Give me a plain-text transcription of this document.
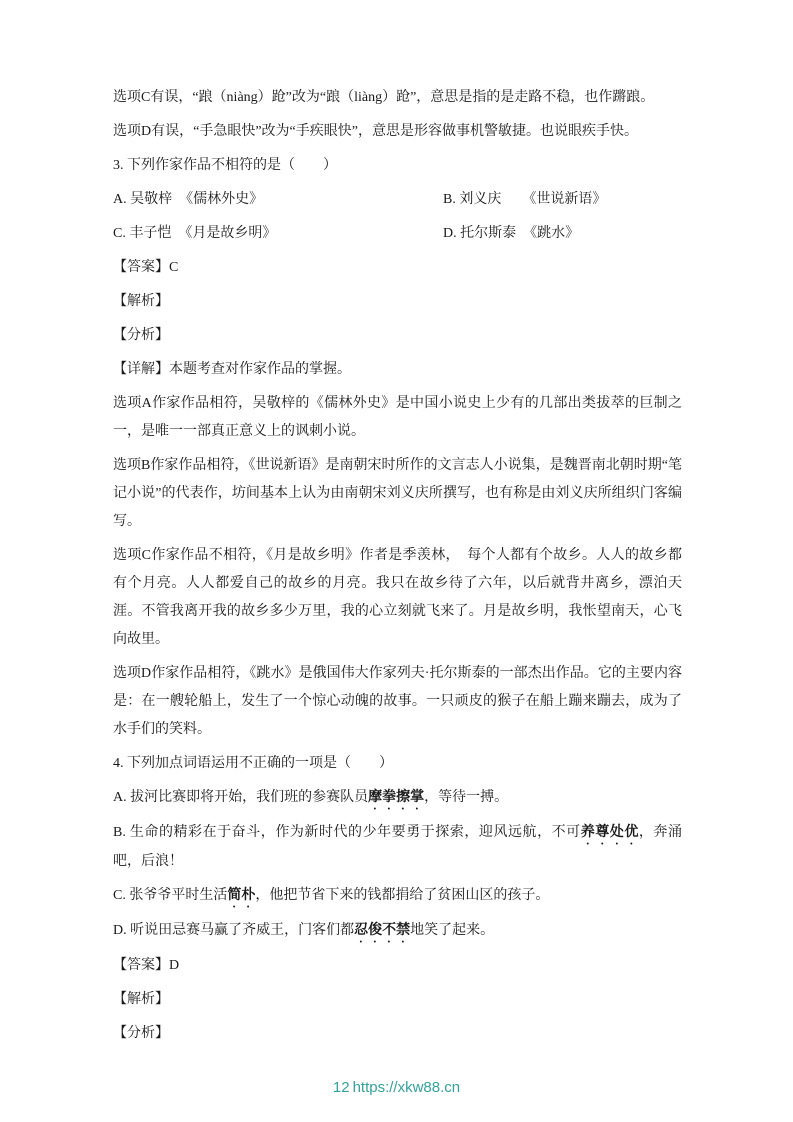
选项C有误，“踉（niàng）跄”改为“踉（liàng）跄”，意思是指的是走路不稳，也作蹡踉。

选项D有误，“手急眼快”改为“手疾眼快”，意思是形容做事机警敏捷。也说眼疾手快。

3. 下列作家作品不相符的是（　　）

A. 吴敬梓　《儒林外史》	B. 刘义庆　　《世说新语》
C. 丰子恺　《月是故乡明》	D. 托尔斯泰　《跳水》

【答案】C

【解析】

【分析】

【详解】本题考查对作家作品的掌握。

选项A作家作品相符，吴敬梓的《儒林外史》是中国小说史上少有的几部出类拔萃的巨制之一，是唯一一部真正意义上的讽刺小说。

选项B作家作品相符，《世说新语》是南朝宋时所作的文言志人小说集，是魏晋南北朝时期“笔记小说”的代表作，坊间基本上认为由南朝宋刘义庆所撰写，也有称是由刘义庆所组织门客编写。

选项C作家作品不相符，《月是故乡明》作者是季羡林，　每个人都有个故乡。人人的故乡都有个月亮。人人都爱自己的故乡的月亮。我只在故乡待了六年，以后就背井离乡，漂泊天涯。不管我离开我的故乡多少万里，我的心立刻就飞来了。月是故乡明，我怅望南天，心飞向故里。

选项D作家作品相符，《跳水》是俄国伟大作家列夫·托尔斯泰的一部杰出作品。它的主要内容是：在一艘轮船上，发生了一个惊心动魄的故事。一只顽皮的猴子在船上蹦来蹦去，成为了水手们的笑料。

4. 下列加点词语运用不正确的一项是（　　）

A. 拔河比赛即将开始，我们班的参赛队员摩拳擦掌，等待一搏。

B. 生命的精彩在于奋斗，作为新时代的少年要勇于探索，迎风远航，不可养尊处优，奔涌吧，后浪！

C. 张爷爷平时生活简朴，他把节省下来的钱都捐给了贫困山区的孩子。

D. 听说田忌赛马赢了齐威王，门客们都忍俊不禁地笑了起来。

【答案】D

【解析】

【分析】

12 https://xkw88.cn
